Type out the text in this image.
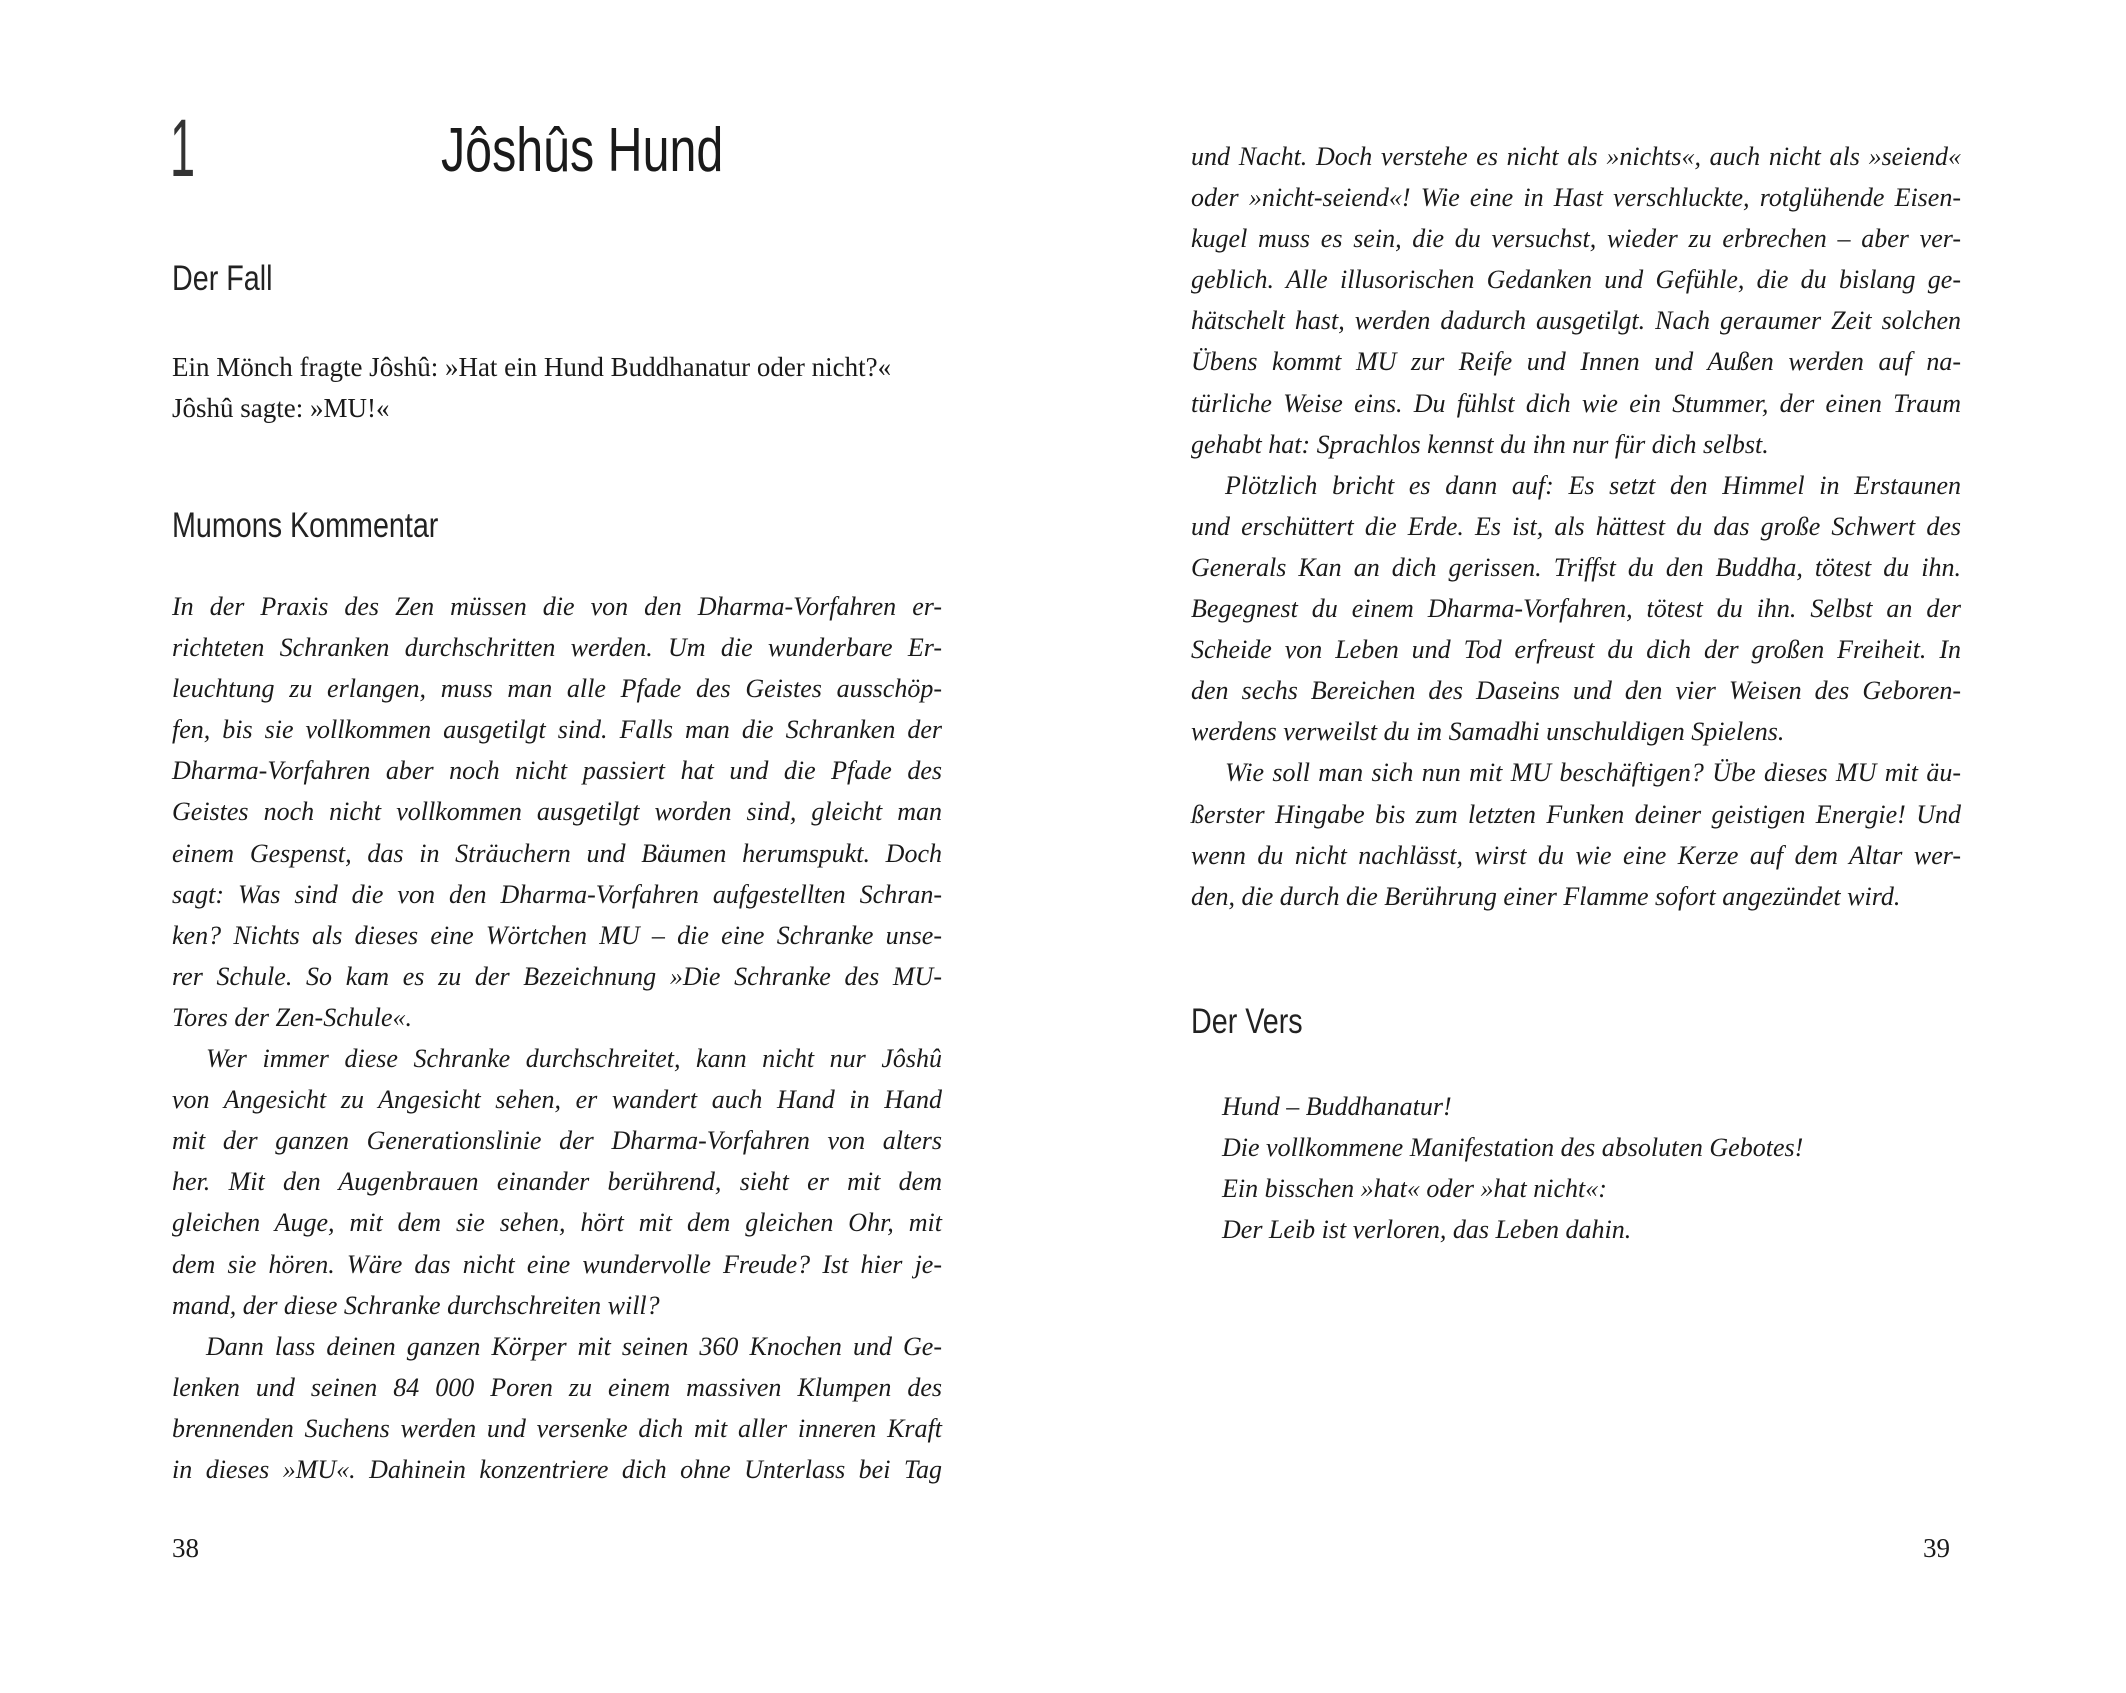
1	Jôshûs Hund
Der Fall
Ein Mönch fragte Jôshû: »Hat ein Hund Buddhanatur oder nicht?«
Jôshû sagte: »MU!«
Mumons Kommentar
In der Praxis des Zen müssen die von den Dharma-Vorfahren er-
richteten Schranken durchschritten werden. Um die wunderbare Er-
leuchtung zu erlangen, muss man alle Pfade des Geistes ausschöp-
fen, bis sie vollkommen ausgetilgt sind. Falls man die Schranken der
Dharma-Vorfahren aber noch nicht passiert hat und die Pfade des
Geistes noch nicht vollkommen ausgetilgt worden sind, gleicht man
einem Gespenst, das in Sträuchern und Bäumen herumspukt. Doch
sagt: Was sind die von den Dharma-Vorfahren aufgestellten Schran-
ken? Nichts als dieses eine Wörtchen MU – die eine Schranke unse-
rer Schule. So kam es zu der Bezeichnung »Die Schranke des MU-
Tores der Zen-Schule«.
Wer immer diese Schranke durchschreitet, kann nicht nur Jôshû
von Angesicht zu Angesicht sehen, er wandert auch Hand in Hand
mit der ganzen Generationslinie der Dharma-Vorfahren von alters
her. Mit den Augenbrauen einander berührend, sieht er mit dem
gleichen Auge, mit dem sie sehen, hört mit dem gleichen Ohr, mit
dem sie hören. Wäre das nicht eine wundervolle Freude? Ist hier je-
mand, der diese Schranke durchschreiten will?
Dann lass deinen ganzen Körper mit seinen 360 Knochen und Ge-
lenken und seinen 84 000 Poren zu einem massiven Klumpen des
brennenden Suchens werden und versenke dich mit aller inneren Kraft
in dieses »MU«. Dahinein konzentriere dich ohne Unterlass bei Tag
38
und Nacht. Doch verstehe es nicht als »nichts«, auch nicht als »seiend«
oder »nicht-seiend«! Wie eine in Hast verschluckte, rotglühende Eisen-
kugel muss es sein, die du versuchst, wieder zu erbrechen – aber ver-
geblich. Alle illusorischen Gedanken und Gefühle, die du bislang ge-
hätschelt hast, werden dadurch ausgetilgt. Nach geraumer Zeit solchen
Übens kommt MU zur Reife und Innen und Außen werden auf na-
türliche Weise eins. Du fühlst dich wie ein Stummer, der einen Traum
gehabt hat: Sprachlos kennst du ihn nur für dich selbst.
Plötzlich bricht es dann auf: Es setzt den Himmel in Erstaunen
und erschüttert die Erde. Es ist, als hättest du das große Schwert des
Generals Kan an dich gerissen. Triffst du den Buddha, tötest du ihn.
Begegnest du einem Dharma-Vorfahren, tötest du ihn. Selbst an der
Scheide von Leben und Tod erfreust du dich der großen Freiheit. In
den sechs Bereichen des Daseins und den vier Weisen des Geboren-
werdens verweilst du im Samadhi unschuldigen Spielens.
Wie soll man sich nun mit MU beschäftigen? Übe dieses MU mit äu-
ßerster Hingabe bis zum letzten Funken deiner geistigen Energie! Und
wenn du nicht nachlässt, wirst du wie eine Kerze auf dem Altar wer-
den, die durch die Berührung einer Flamme sofort angezündet wird.
Der Vers
Hund – Buddhanatur!
Die vollkommene Manifestation des absoluten Gebotes!
Ein bisschen »hat« oder »hat nicht«:
Der Leib ist verloren, das Leben dahin.
39
